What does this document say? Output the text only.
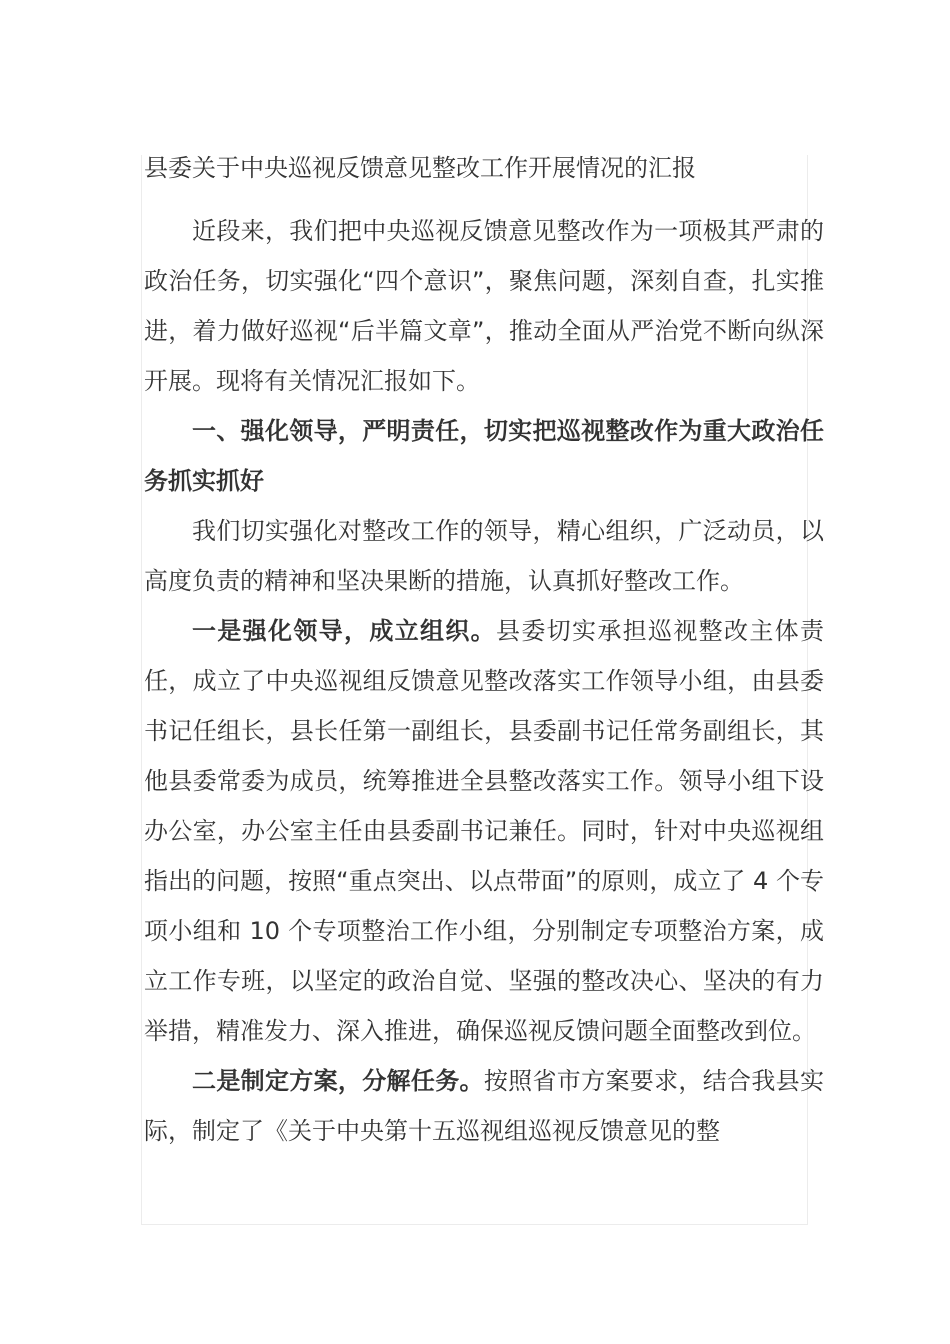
县委关于中央巡视反馈意见整改工作开展情况的汇报

近段来，我们把中央巡视反馈意见整改作为一项极其严肃的政治任务，切实强化“四个意识”，聚焦问题，深刻自查，扎实推进，着力做好巡视“后半篇文章”，推动全面从严治党不断向纵深开展。现将有关情况汇报如下。

一、强化领导，严明责任，切实把巡视整改作为重大政治任务抓实抓好

我们切实强化对整改工作的领导，精心组织，广泛动员，以高度负责的精神和坚决果断的措施，认真抓好整改工作。

一是强化领导，成立组织。县委切实承担巡视整改主体责任，成立了中央巡视组反馈意见整改落实工作领导小组，由县委书记任组长，县长任第一副组长，县委副书记任常务副组长，其他县委常委为成员，统筹推进全县整改落实工作。领导小组下设办公室，办公室主任由县委副书记兼任。同时，针对中央巡视组指出的问题，按照“重点突出、以点带面”的原则，成立了 4 个专项小组和 10 个专项整治工作小组，分别制定专项整治方案，成立工作专班，以坚定的政治自觉、坚强的整改决心、坚决的有力举措，精准发力、深入推进，确保巡视反馈问题全面整改到位。

二是制定方案，分解任务。按照省市方案要求，结合我县实际，制定了《关于中央第十五巡视组巡视反馈意见的整
